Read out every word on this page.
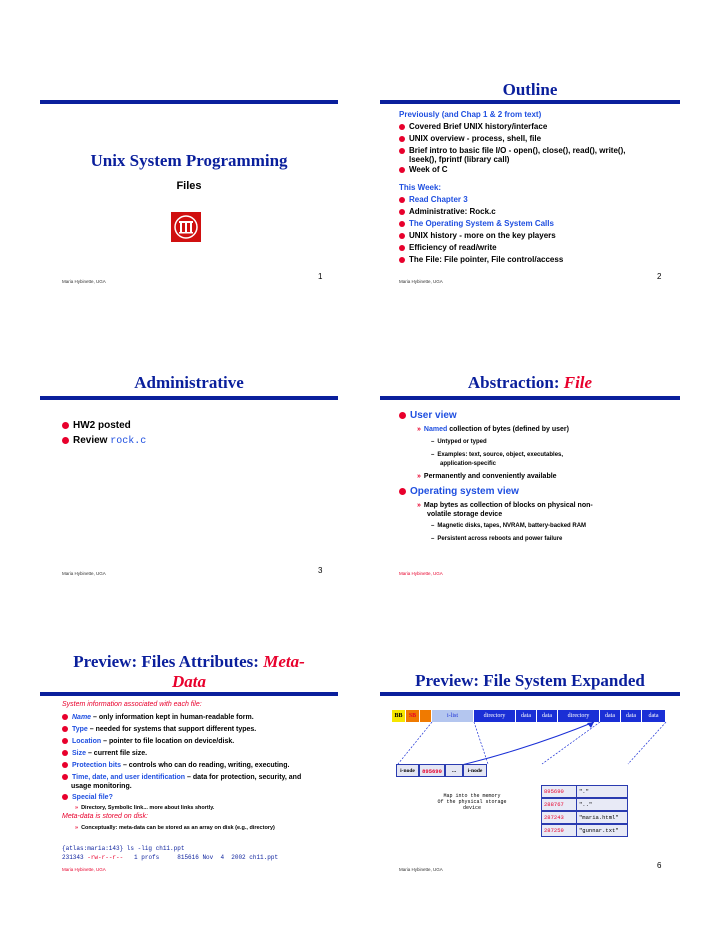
Unix System Programming
Files
Maria Hybinette, UGA
1
Outline
Previously (and Chap 1 & 2 from text)
Covered Brief UNIX history/interface
UNIX overview - process, shell, file
Brief intro to basic file I/O - open(), close(), read(), write(),
lseek(), fprintf (library call)
Week of C
This Week:
Read Chapter 3
Administrative: Rock.c
The Operating System & System Calls
UNIX history - more on the key players
Efficiency of read/write
The File: File pointer, File control/access
Maria Hybinette, UGA
2
Administrative
HW2 posted
Review rock.c
Maria Hybinette, UGA	3
Abstraction: File
User view
» Named collection of bytes (defined by user)
– Untyped or typed
– Examples: text, source, object, executables,
application-specific
» Permanently and conveniently available
Operating system view
» Map bytes as collection of blocks on physical non-
volatile storage device
– Magnetic disks, tapes, NVRAM, battery-backed RAM
– Persistent across reboots and power failure
Maria Hybinette, UGA
Preview: Files Attributes: Meta-
Data
System information associated with each file:
Name – only information kept in human-readable form.
Type – needed for systems that support different types.
Location – pointer to file location on device/disk.
Size – current file size.
Protection bits – controls who can do reading, writing, executing.
Time, date, and user identification – data for protection, security, and
usage monitoring.
Special file?
» Directory, Symbolic link... more about links shortly.
Meta-data is stored on disk:
» Conceptually: meta-data can be stored as an array on disk (e.g., directory)
{atlas:maria:143} ls -lig ch11.ppt
231343 -rw-r--r--   1 profs     815616 Nov  4  2002 ch11.ppt
Maria Hybinette, UGA
Preview: File System Expanded
BB	SB	i-list	directory	data	data	directory	data	data	data
i-node	895690	...	i-node
Map into the memory
Of the physical storage
device
895690	"."
288767	".."
287243	"maria.html"
287259	"gunnar.txt"
Maria Hybinette, UGA	6
